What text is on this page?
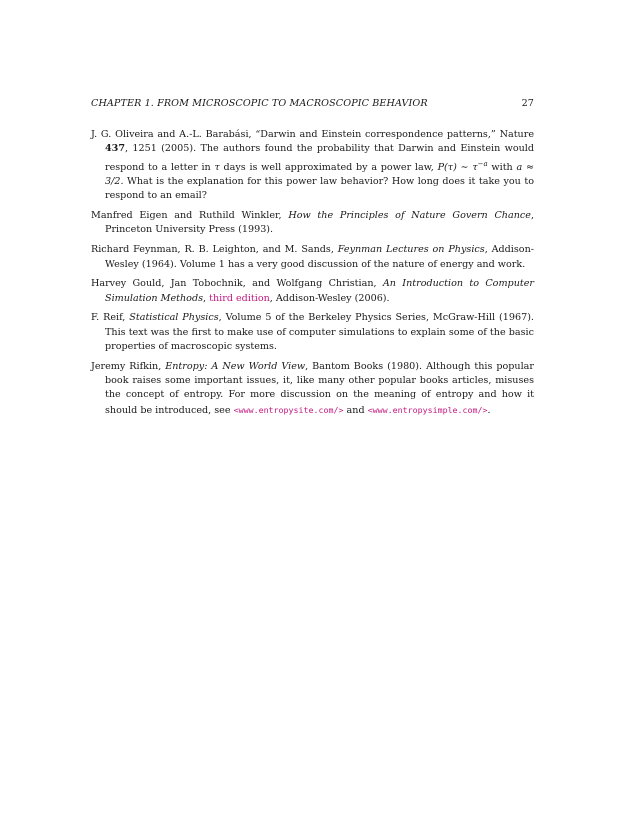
CHAPTER 1. FROM MICROSCOPIC TO MACROSCOPIC BEHAVIOR	27

J. G. Oliveira and A.-L. Barabási, “Darwin and Einstein correspondence patterns,” Nature 437, 1251 (2005). The authors found the probability that Darwin and Einstein would respond to a letter in τ days is well approximated by a power law, P(τ) ∼ $\tau^{-a}$ with a ≈ 3/2. What is the explanation for this power law behavior? How long does it take you to respond to an email?

Manfred Eigen and Ruthild Winkler, How the Principles of Nature Govern Chance, Princeton University Press (1993).

Richard Feynman, R. B. Leighton, and M. Sands, Feynman Lectures on Physics, Addison-Wesley (1964). Volume 1 has a very good discussion of the nature of energy and work.

Harvey Gould, Jan Tobochnik, and Wolfgang Christian, An Introduction to Computer Simulation Methods, third edition, Addison-Wesley (2006).

F. Reif, Statistical Physics, Volume 5 of the Berkeley Physics Series, McGraw-Hill (1967). This text was the first to make use of computer simulations to explain some of the basic properties of macroscopic systems.

Jeremy Rifkin, Entropy: A New World View, Bantom Books (1980). Although this popular book raises some important issues, it, like many other popular books articles, misuses the concept of entropy. For more discussion on the meaning of entropy and how it should be introduced, see <www.entropysite.com/> and <www.entropysimple.com/>.
